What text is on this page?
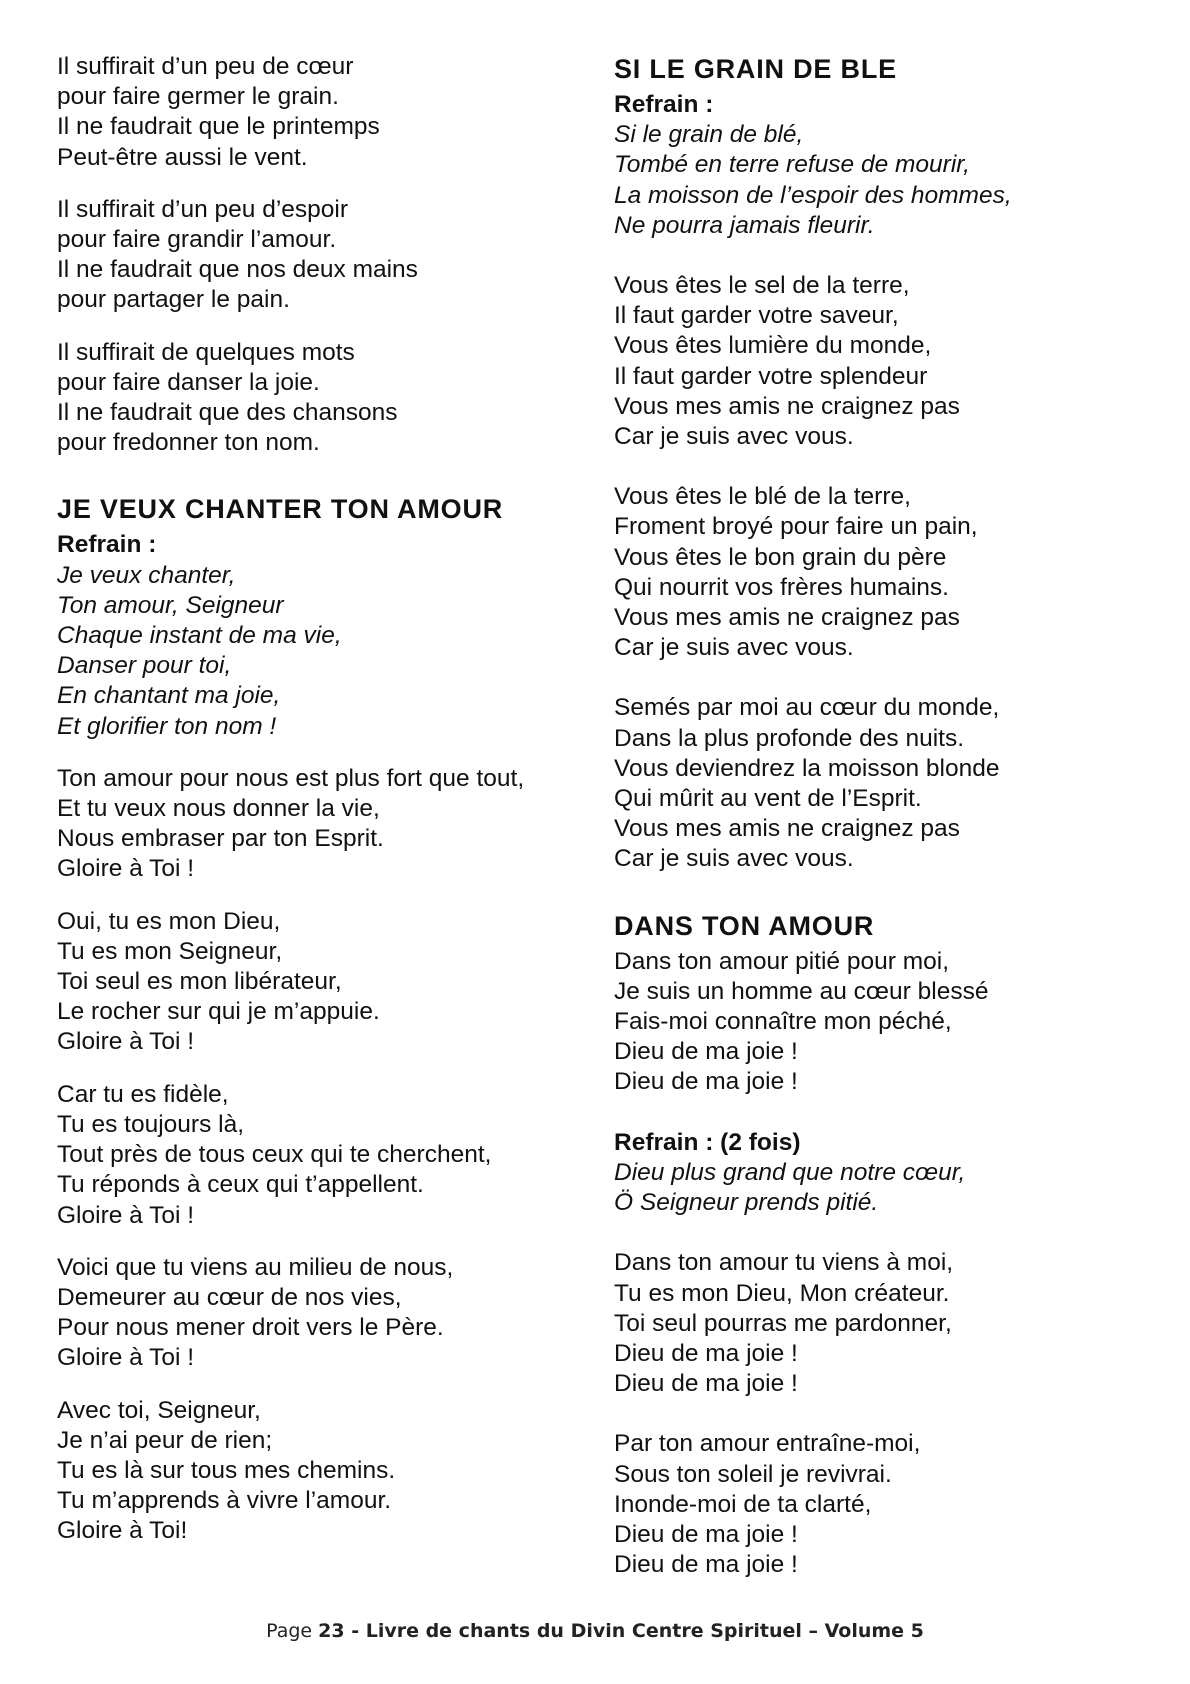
Il suffirait d’un peu de cœur
pour faire germer le grain.
Il ne faudrait que le printemps
Peut-être aussi le vent.
Il suffirait d’un peu d’espoir
pour faire grandir l’amour.
Il ne faudrait que nos deux mains
pour partager le pain.
Il suffirait de quelques mots
pour faire danser la joie.
Il ne faudrait que des chansons
pour fredonner ton nom.
JE VEUX CHANTER TON AMOUR
Refrain :
Je veux chanter,
Ton amour, Seigneur
Chaque instant de ma vie,
Danser pour toi,
En chantant ma joie,
Et glorifier ton nom !
Ton amour pour nous est plus fort que tout,
Et tu veux nous donner la vie,
Nous embraser par ton Esprit.
Gloire à Toi !
Oui, tu es mon Dieu,
Tu es mon Seigneur,
Toi seul es mon libérateur,
Le rocher sur qui je m’appuie.
Gloire à Toi !
Car tu es fidèle,
Tu es toujours là,
Tout près de tous ceux qui te cherchent,
Tu réponds à ceux qui t’appellent.
Gloire à Toi !
Voici que tu viens au milieu de nous,
Demeurer au cœur de nos vies,
Pour nous mener droit vers le Père.
Gloire à Toi !
Avec toi, Seigneur,
Je n’ai peur de rien;
Tu es là sur tous mes chemins.
Tu m’apprends à vivre l’amour.
Gloire à Toi!
SI LE GRAIN DE BLE
Refrain :
Si le grain de blé,
Tombé en terre refuse de mourir,
La moisson de l’espoir des hommes,
Ne pourra jamais fleurir.
Vous êtes le sel de la terre,
Il faut garder votre saveur,
Vous êtes lumière du monde,
Il faut garder votre splendeur
Vous mes amis ne craignez pas
Car je suis avec vous.
Vous êtes le blé de la terre,
Froment broyé pour faire un pain,
Vous êtes le bon grain du père
Qui nourrit vos frères humains.
Vous mes amis ne craignez pas
Car je suis avec vous.
Semés par moi au cœur du monde,
Dans la plus profonde des nuits.
Vous deviendrez la moisson blonde
Qui mûrit au vent de l’Esprit.
Vous mes amis ne craignez pas
Car je suis avec vous.
DANS TON AMOUR
Dans ton amour pitié pour moi,
Je suis un homme au cœur blessé
Fais-moi connaître mon péché,
Dieu de ma joie !
Dieu de ma joie !
Refrain : (2 fois)
Dieu plus grand que notre cœur,
Ö Seigneur prends pitié.
Dans ton amour tu viens à moi,
Tu es mon Dieu, Mon créateur.
Toi seul pourras me pardonner,
Dieu de ma joie !
Dieu de ma joie !
Par ton amour entraîne-moi,
Sous ton soleil je revivrai.
Inonde-moi de ta clarté,
Dieu de ma joie !
Dieu de ma joie !
Page 23 - Livre de chants du Divin Centre Spirituel – Volume 5
